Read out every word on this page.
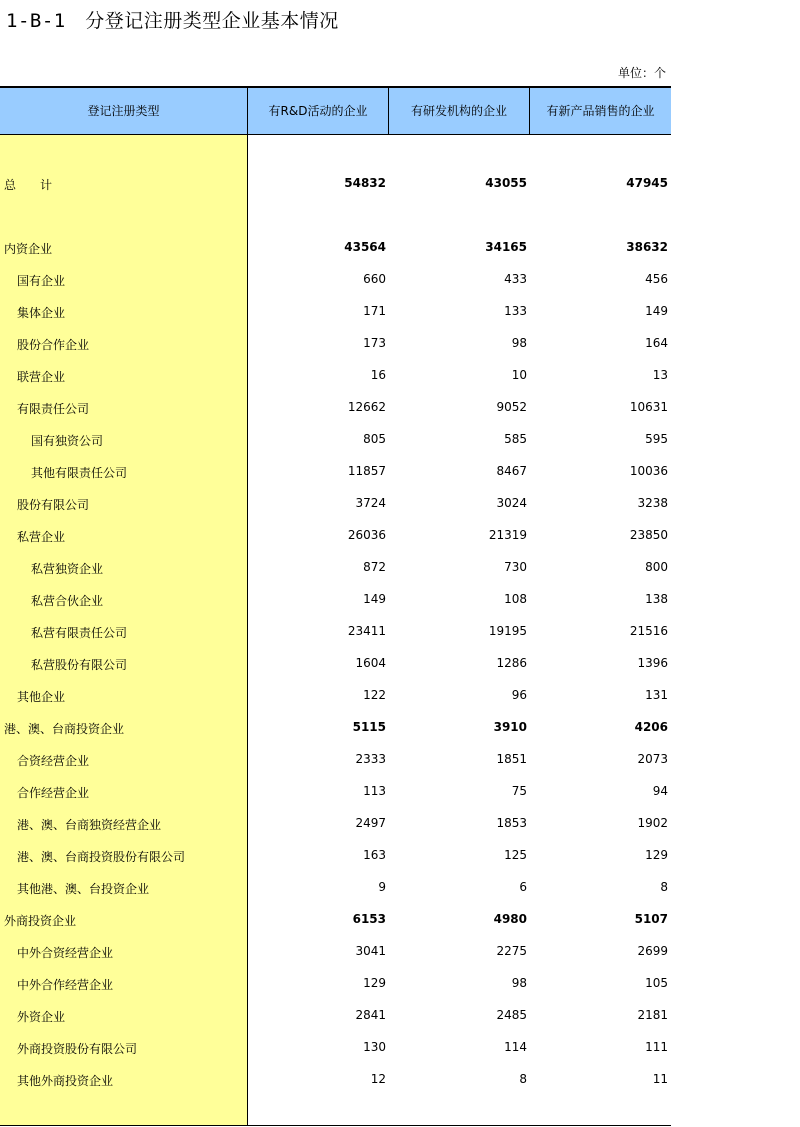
1-B-1　分登记注册类型企业基本情况
单位：个
登记注册类型	有R&D活动的企业	有研发机构的企业	有新产品销售的企业
总　　计	54832	43055	47945
内资企业	43564	34165	38632
国有企业	660	433	456
集体企业	171	133	149
股份合作企业	173	98	164
联营企业	16	10	13
有限责任公司	12662	9052	10631
国有独资公司	805	585	595
其他有限责任公司	11857	8467	10036
股份有限公司	3724	3024	3238
私营企业	26036	21319	23850
私营独资企业	872	730	800
私营合伙企业	149	108	138
私营有限责任公司	23411	19195	21516
私营股份有限公司	1604	1286	1396
其他企业	122	96	131
港、澳、台商投资企业	5115	3910	4206
合资经营企业	2333	1851	2073
合作经营企业	113	75	94
港、澳、台商独资经营企业	2497	1853	1902
港、澳、台商投资股份有限公司	163	125	129
其他港、澳、台投资企业	9	6	8
外商投资企业	6153	4980	5107
中外合资经营企业	3041	2275	2699
中外合作经营企业	129	98	105
外资企业	2841	2485	2181
外商投资股份有限公司	130	114	111
其他外商投资企业	12	8	11
